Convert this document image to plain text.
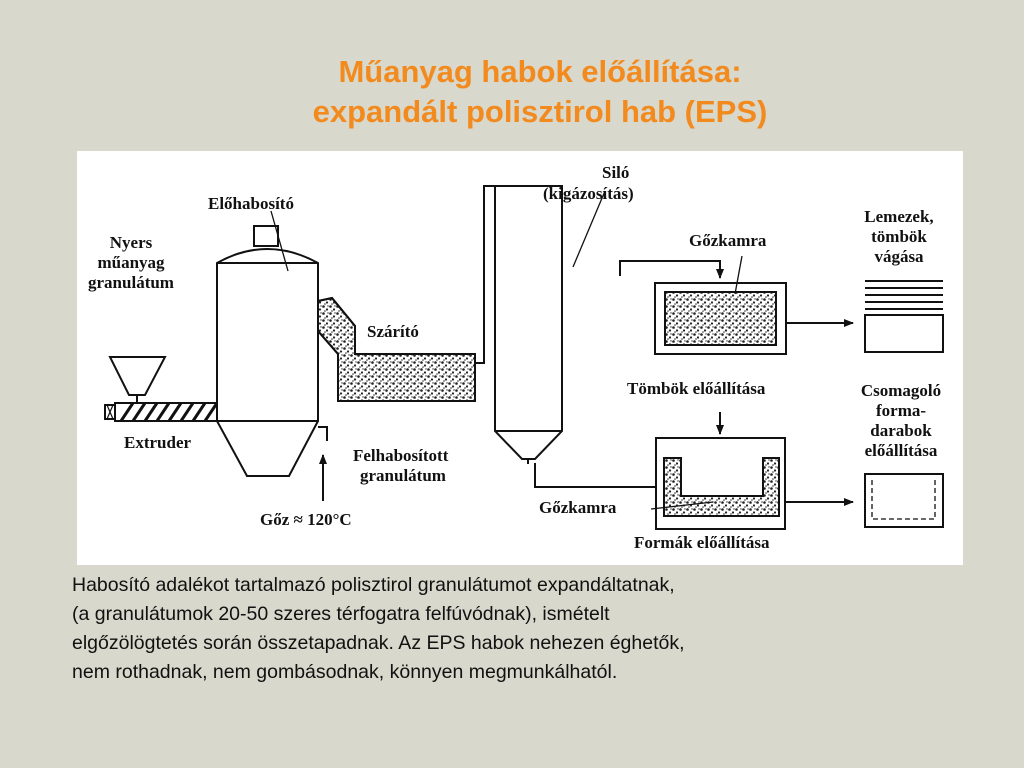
Műanyag habok előállítása:
expandált polisztirol hab (EPS)
Nyers
műanyag
granulátum
Előhabosító
Extruder
Gőz ≈ 120°C
Szárító
Felhabosított
granulátum
Siló
(kigázosítás)
Gőzkamra
Tömbök előállítása
Gőzkamra
Formák előállítása
Lemezek,
tömbök
vágása
Csomagoló
forma-
darabok
előállítása
Habosító adalékot tartalmazó polisztirol granulátumot expandáltatnak,
(a granulátumok 20-50 szeres térfogatra felfúvódnak), ismételt
elgőzölögtetés során összetapadnak. Az EPS habok nehezen éghetők,
nem rothadnak, nem gombásodnak, könnyen megmunkálhatól.
